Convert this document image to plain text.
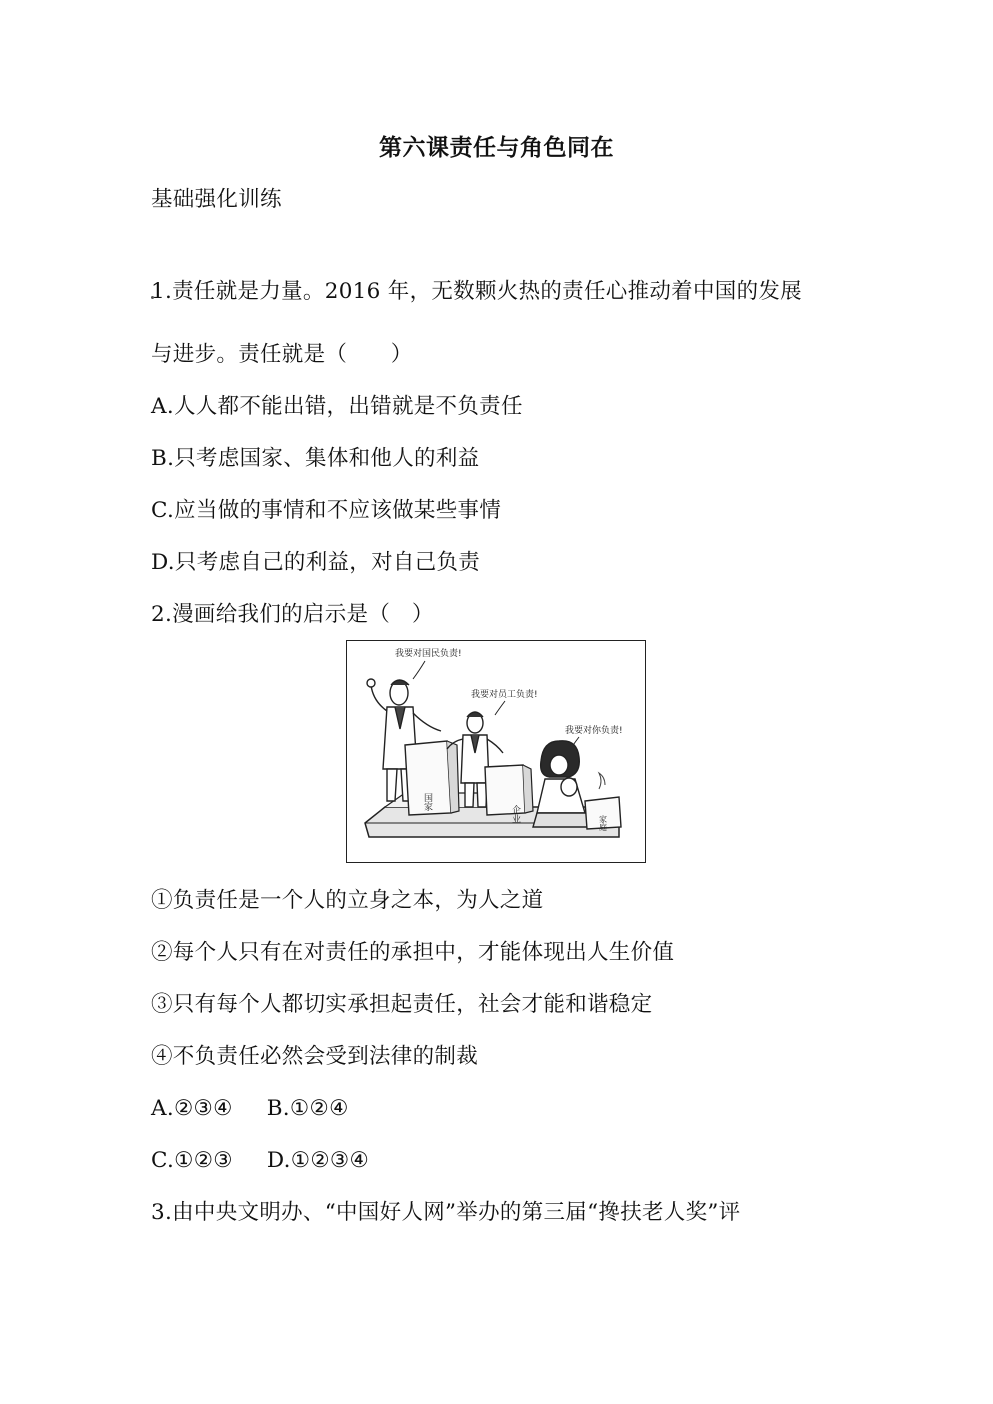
第六课责任与角色同在
基础强化训练
1.责任就是力量。2016 年，无数颗火热的责任心推动着中国的发展
与进步。责任就是（　　）
A.人人都不能出错，出错就是不负责任
B.只考虑国家、集体和他人的利益
C.应当做的事情和不应该做某些事情
D.只考虑自己的利益，对自己负责
2.漫画给我们的启示是（　）
我要对国民负责!
我要对员工负责!
我要对你负责!
国家
企业	家庭
①负责任是一个人的立身之本，为人之道
②每个人只有在对责任的承担中，才能体现出人生价值
③只有每个人都切实承担起责任，社会才能和谐稳定
④不负责任必然会受到法律的制裁
A.②③④ B.①②④
C.①②③ D.①②③④
3.由中央文明办、“中国好人网”举办的第三届“搀扶老人奖”评
